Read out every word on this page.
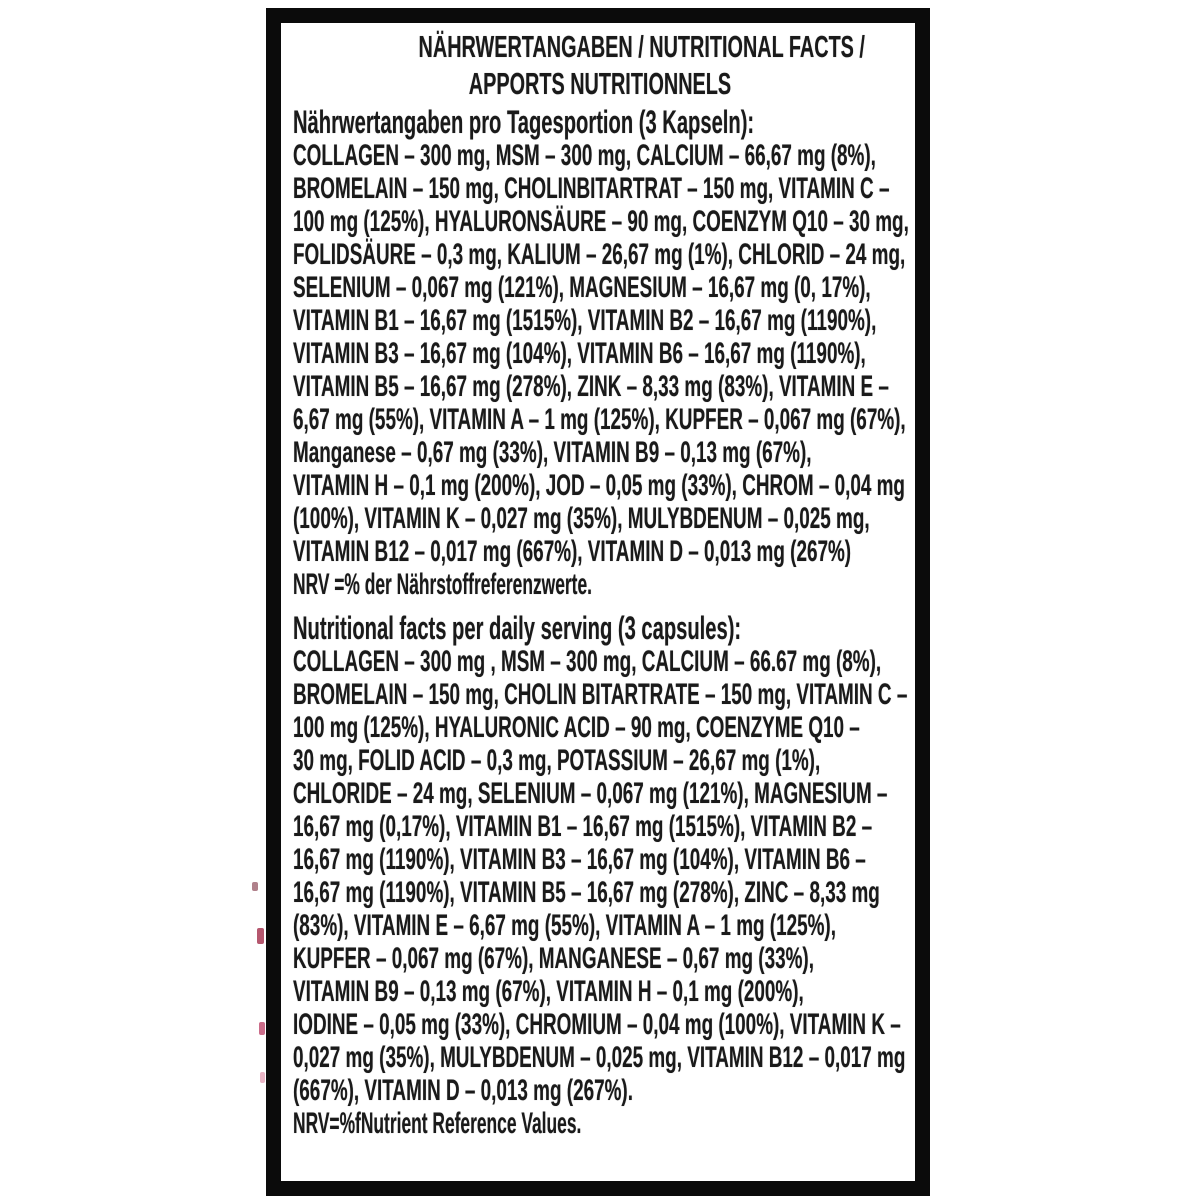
NÄHRWERTANGABEN / NUTRITIONAL FACTS /
APPORTS NUTRITIONNELS
Nährwertangaben pro Tagesportion (3 Kapseln):
COLLAGEN – 300 mg, MSM – 300 mg, CALCIUM – 66,67 mg (8%),
BROMELAIN – 150 mg, CHOLINBITARTRAT – 150 mg, VITAMIN C –
100 mg (125%), HYALURONSÄURE – 90 mg, COENZYM Q10 – 30 mg,
FOLIDSÄURE – 0,3 mg, KALIUM – 26,67 mg (1%), CHLORID – 24 mg,
SELENIUM – 0,067 mg (121%), MAGNESIUM – 16,67 mg (0, 17%),
VITAMIN B1 – 16,67 mg (1515%), VITAMIN B2 – 16,67 mg (1190%),
VITAMIN B3 – 16,67 mg (104%), VITAMIN B6 – 16,67 mg (1190%),
VITAMIN B5 – 16,67 mg (278%), ZINK – 8,33 mg (83%), VITAMIN E –
6,67 mg (55%), VITAMIN A – 1 mg (125%), KUPFER – 0,067 mg (67%),
Manganese – 0,67 mg (33%), VITAMIN B9 – 0,13 mg (67%),
VITAMIN H – 0,1 mg (200%), JOD – 0,05 mg (33%), CHROM – 0,04 mg
(100%), VITAMIN K – 0,027 mg (35%), MULYBDENUM – 0,025 mg,
VITAMIN B12 – 0,017 mg (667%), VITAMIN D – 0,013 mg (267%)
NRV =% der Nährstoffreferenzwerte.
Nutritional facts per daily serving (3 capsules):
COLLAGEN – 300 mg , MSM – 300 mg, CALCIUM – 66.67 mg (8%),
BROMELAIN – 150 mg, CHOLIN BITARTRATE – 150 mg, VITAMIN C –
100 mg (125%), HYALURONIC ACID – 90 mg, COENZYME Q10 –
30 mg, FOLID ACID – 0,3 mg, POTASSIUM – 26,67 mg (1%),
CHLORIDE – 24 mg, SELENIUM – 0,067 mg (121%), MAGNESIUM –
16,67 mg (0,17%), VITAMIN B1 – 16,67 mg (1515%), VITAMIN B2 –
16,67 mg (1190%), VITAMIN B3 – 16,67 mg (104%), VITAMIN B6 –
16,67 mg (1190%), VITAMIN B5 – 16,67 mg (278%), ZINC – 8,33 mg
(83%), VITAMIN E – 6,67 mg (55%), VITAMIN A – 1 mg (125%),
KUPFER – 0,067 mg (67%), MANGANESE – 0,67 mg (33%),
VITAMIN B9 – 0,13 mg (67%), VITAMIN H – 0,1 mg (200%),
IODINE – 0,05 mg (33%), CHROMIUM – 0,04 mg (100%), VITAMIN K –
0,027 mg (35%), MULYBDENUM – 0,025 mg, VITAMIN B12 – 0,017 mg
(667%), VITAMIN D – 0,013 mg (267%).
NRV=%fNutrient Reference Values.
